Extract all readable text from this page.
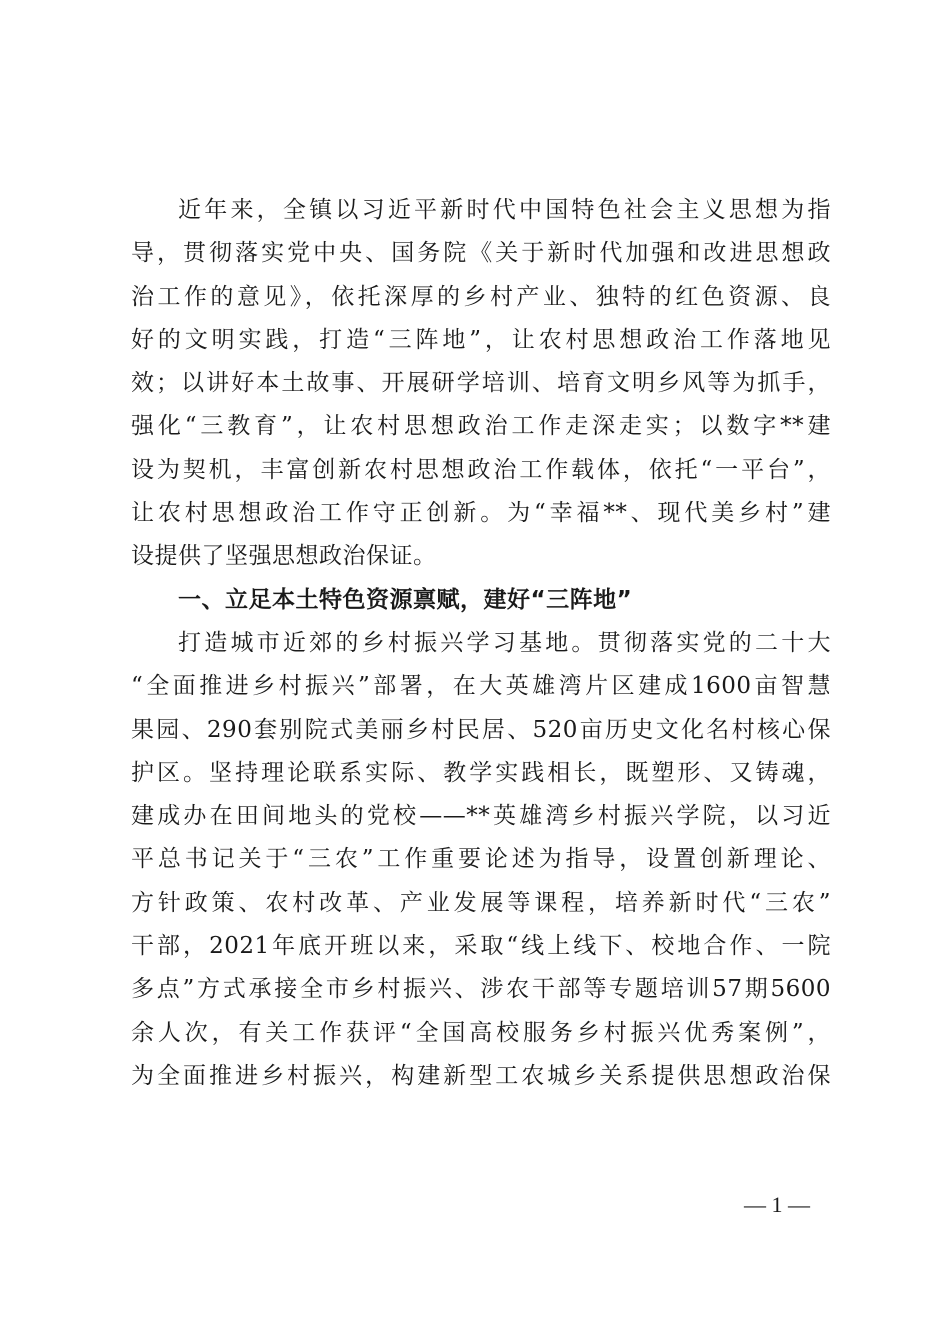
近年来，全镇以习近平新时代中国特色社会主义思想为指
导，贯彻落实党中央、国务院《关于新时代加强和改进思想政
治工作的意见》，依托深厚的乡村产业、独特的红色资源、良
好的文明实践，打造“三阵地”，让农村思想政治工作落地见
效；以讲好本土故事、开展研学培训、培育文明乡风等为抓手，
强化“三教育”，让农村思想政治工作走深走实；以数字**建
设为契机，丰富创新农村思想政治工作载体，依托“一平台”，
让农村思想政治工作守正创新。为“幸福**、现代美乡村”建
设提供了坚强思想政治保证。
一、立足本土特色资源禀赋，建好“三阵地”
打造城市近郊的乡村振兴学习基地。贯彻落实党的二十大
“全面推进乡村振兴”部署，在大英雄湾片区建成1600亩智慧
果园、290套别院式美丽乡村民居、520亩历史文化名村核心保
护区。坚持理论联系实际、教学实践相长，既塑形、又铸魂，
建成办在田间地头的党校——**英雄湾乡村振兴学院，以习近
平总书记关于“三农”工作重要论述为指导，设置创新理论、
方针政策、农村改革、产业发展等课程，培养新时代“三农”
干部，2021年底开班以来，采取“线上线下、校地合作、一院
多点”方式承接全市乡村振兴、涉农干部等专题培训57期5600
余人次，有关工作获评“全国高校服务乡村振兴优秀案例”，
为全面推进乡村振兴，构建新型工农城乡关系提供思想政治保
— 1 —
